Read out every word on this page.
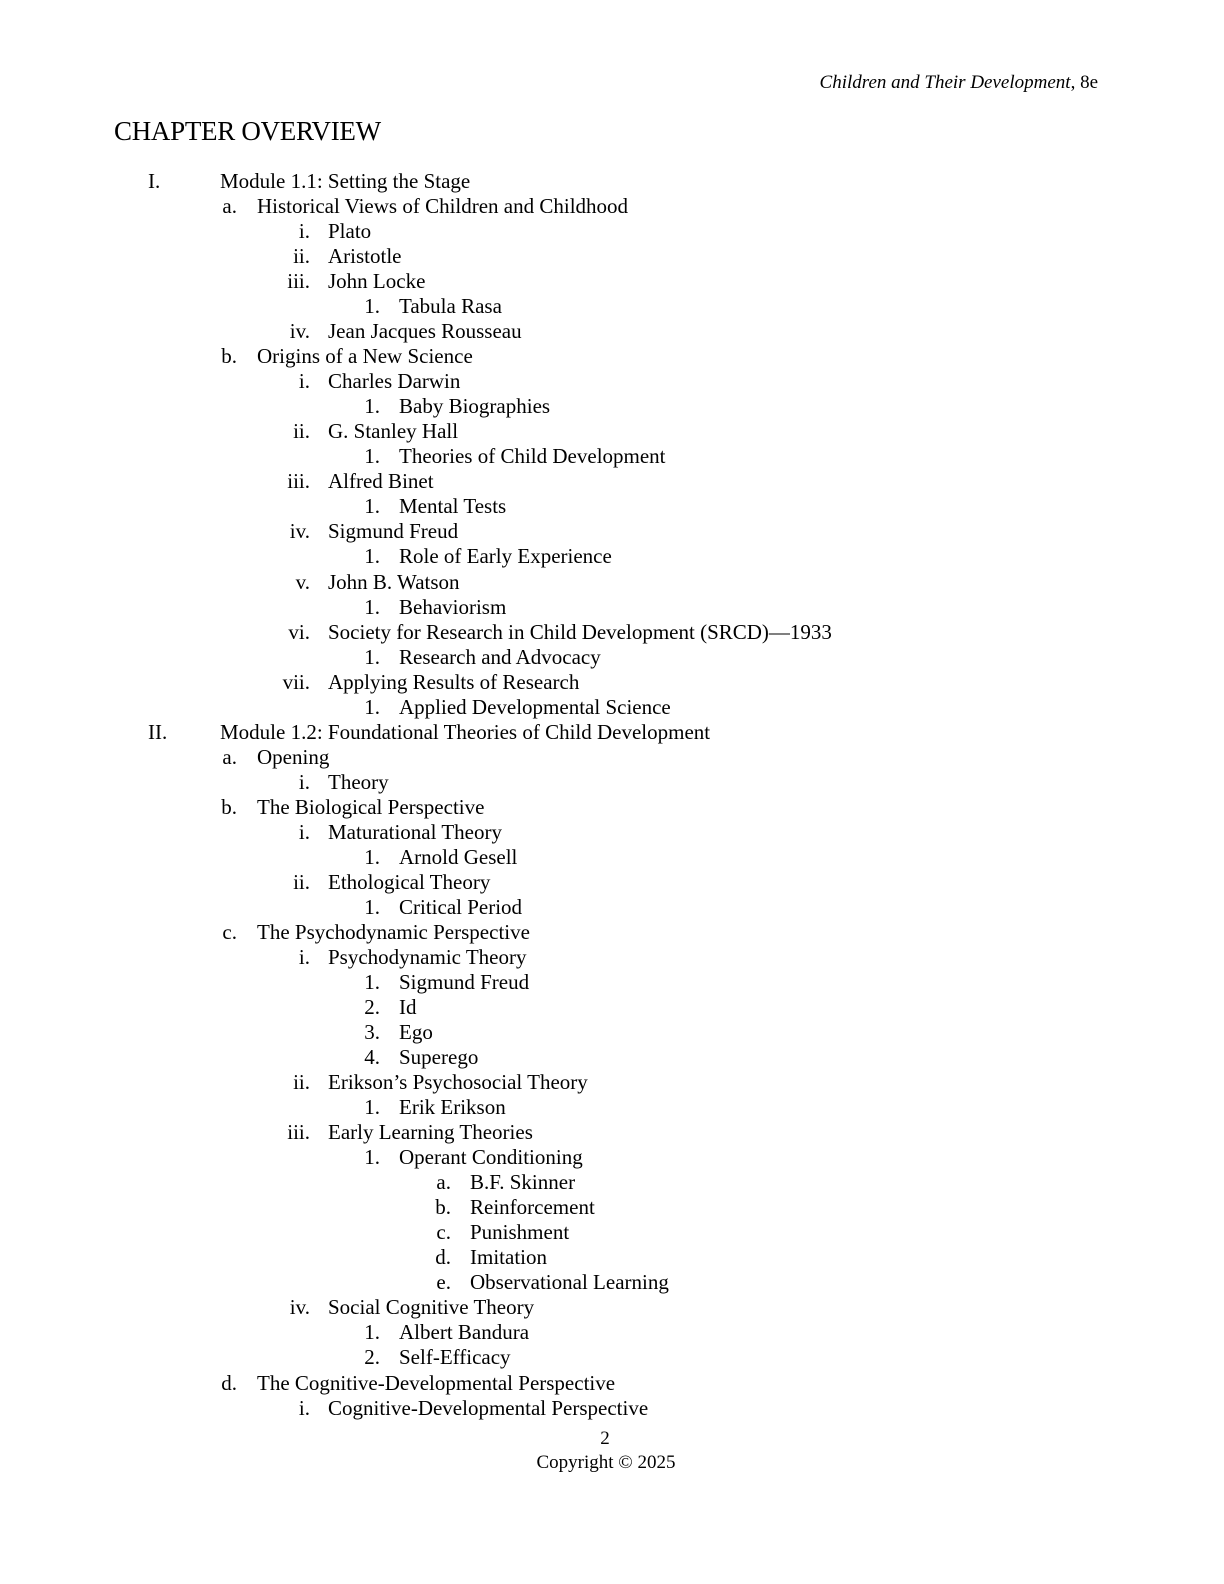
Children and Their Development, 8e
CHAPTER OVERVIEW
I.	Module 1.1: Setting the Stage
a. Historical Views of Children and Childhood
i. Plato
ii. Aristotle
iii. John Locke
1. Tabula Rasa
iv. Jean Jacques Rousseau
b. Origins of a New Science
i. Charles Darwin
1. Baby Biographies
ii. G. Stanley Hall
1. Theories of Child Development
iii. Alfred Binet
1. Mental Tests
iv. Sigmund Freud
1. Role of Early Experience
v. John B. Watson
1. Behaviorism
vi. Society for Research in Child Development (SRCD)—1933
1. Research and Advocacy
vii. Applying Results of Research
1. Applied Developmental Science
II.	Module 1.2: Foundational Theories of Child Development
a. Opening
i. Theory
b. The Biological Perspective
i. Maturational Theory
1. Arnold Gesell
ii. Ethological Theory
1. Critical Period
c. The Psychodynamic Perspective
i. Psychodynamic Theory
1. Sigmund Freud
2. Id
3. Ego
4. Superego
ii. Erikson’s Psychosocial Theory
1. Erik Erikson
iii. Early Learning Theories
1. Operant Conditioning
a. B.F. Skinner
b. Reinforcement
c. Punishment
d. Imitation
e. Observational Learning
iv. Social Cognitive Theory
1. Albert Bandura
2. Self-Efficacy
d. The Cognitive-Developmental Perspective
i. Cognitive-Developmental Perspective
2
Copyright © 2025
